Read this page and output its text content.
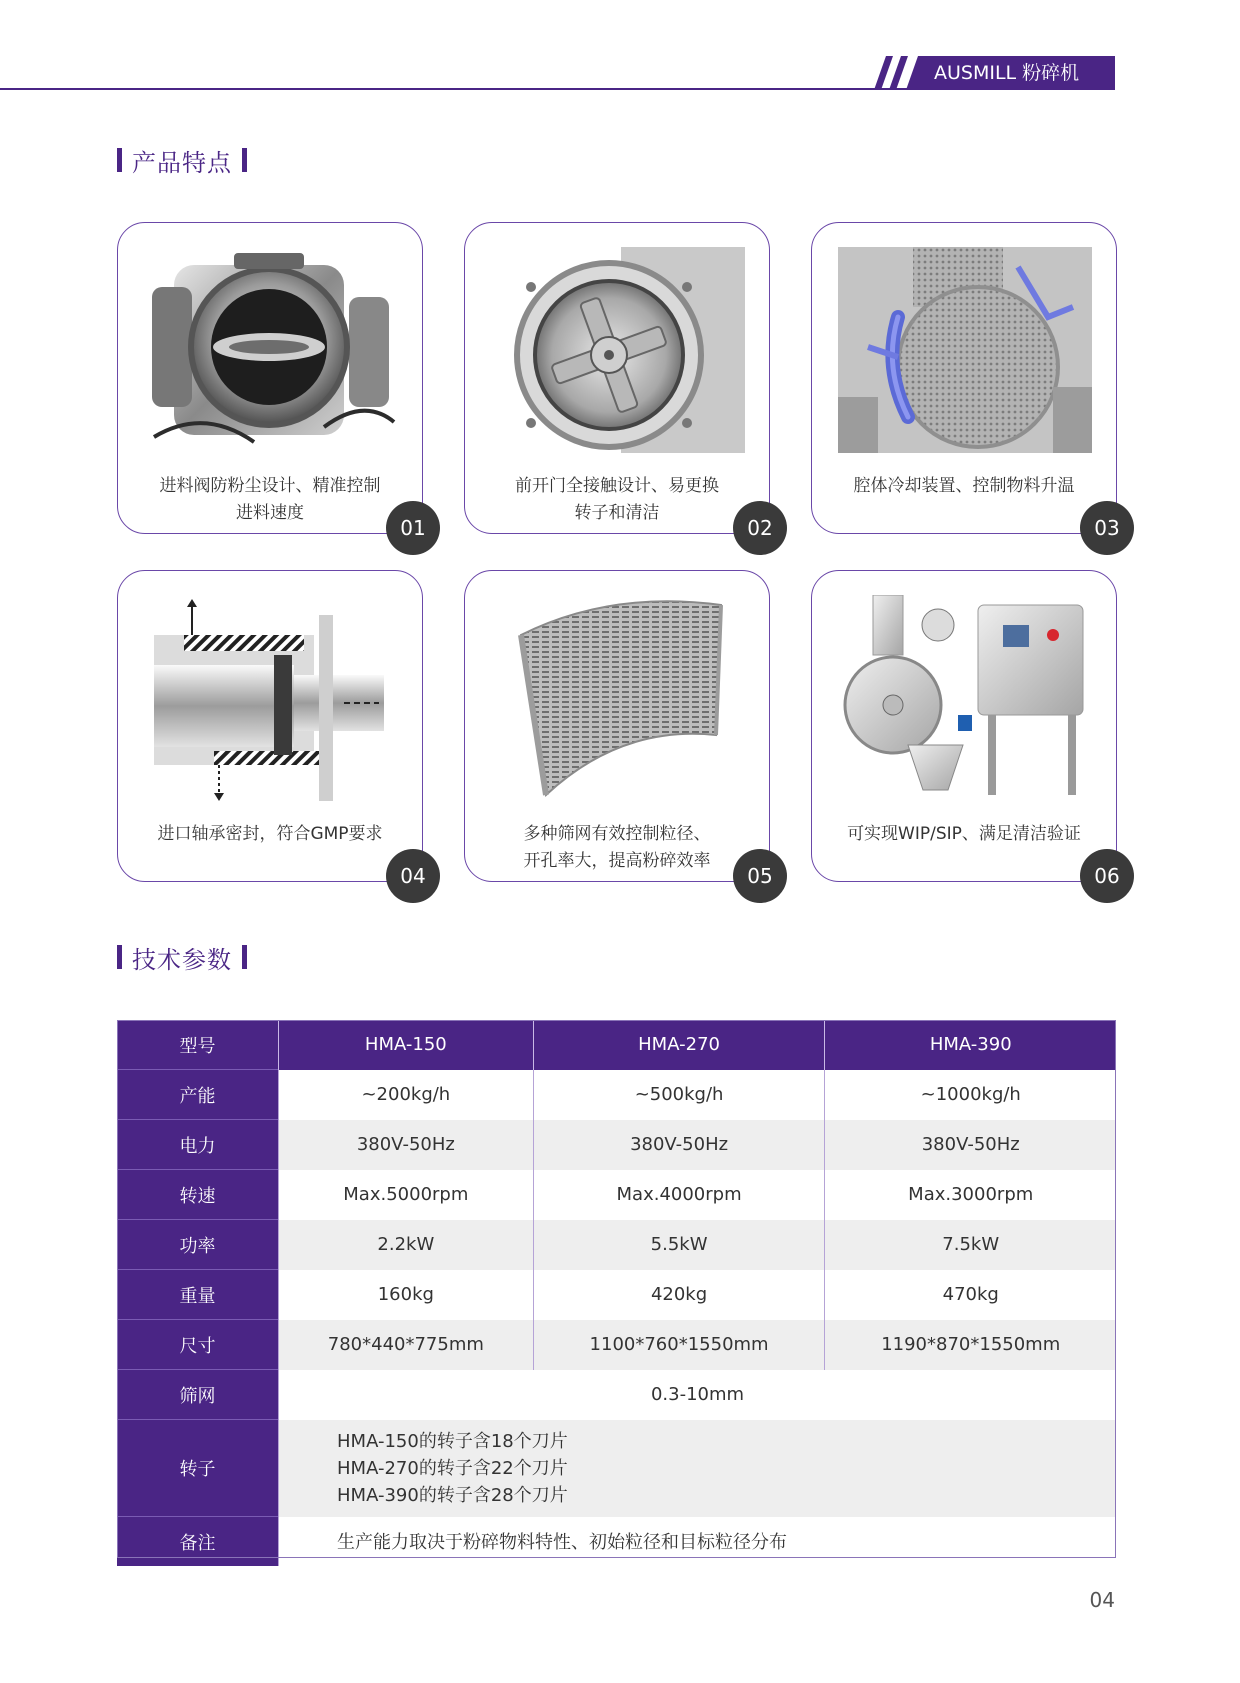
AUSMILL 粉碎机
产品特点
进料阀防粉尘设计、精准控制
进料速度
01
前开门全接触设计、易更换
转子和清洁
02
腔体冷却装置、控制物料升温
03
进口轴承密封，符合GMP要求
04
多种筛网有效控制粒径、
开孔率大，提高粉碎效率
05
可实现WIP/SIP、满足清洁验证
06
技术参数
型号	HMA-150	HMA-270	HMA-390
产能	~200kg/h	~500kg/h	~1000kg/h
电力	380V-50Hz	380V-50Hz	380V-50Hz
转速	Max.5000rpm	Max.4000rpm	Max.3000rpm
功率	2.2kW	5.5kW	7.5kW
重量	160kg	420kg	470kg
尺寸	780*440*775mm	1100*760*1550mm	1190*870*1550mm
筛网	0.3-10mm		
转子	HMA-150的转子含18个刀片
HMA-270的转子含22个刀片
HMA-390的转子含28个刀片		

备注	生产能力取决于粉碎物料特性、初始粒径和目标粒径分布		
04
